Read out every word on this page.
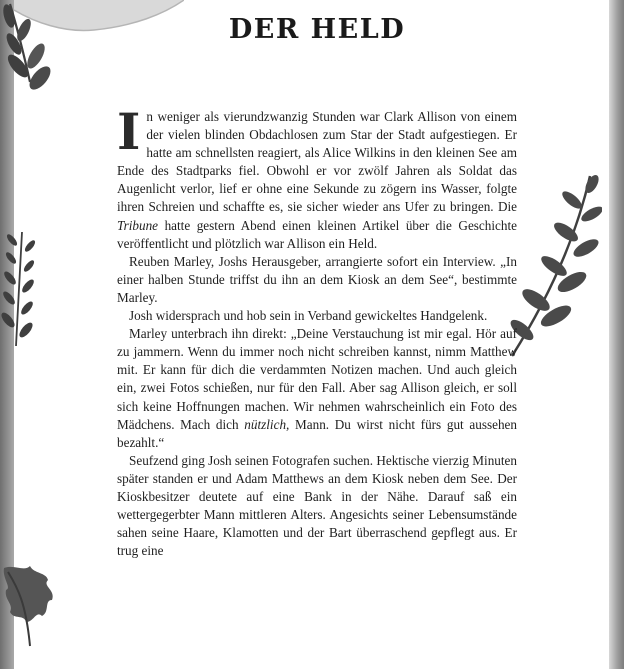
DER HELD

In weniger als vierundzwanzig Stunden war Clark Allison von einem der vielen blinden Obdachlosen zum Star der Stadt aufgestiegen. Er hatte am schnellsten reagiert, als Alice Wilkins in den kleinen See am Ende des Stadtparks fiel. Obwohl er vor zwölf Jahren als Soldat das Augenlicht verlor, lief er ohne eine Sekunde zu zögern ins Wasser, folgte ihren Schreien und schaffte es, sie sicher wieder ans Ufer zu bringen. Die Tribune hatte gestern Abend einen kleinen Artikel über die Geschichte veröffentlicht und plötzlich war Allison ein Held.

Reuben Marley, Joshs Herausgeber, arrangierte sofort ein Interview. „In einer halben Stunde triffst du ihn an dem Kiosk an dem See“, bestimmte Marley.

Josh widersprach und hob sein in Verband gewickeltes Handgelenk.

Marley unterbrach ihn direkt: „Deine Verstauchung ist mir egal. Hör auf zu jammern. Wenn du immer noch nicht schreiben kannst, nimm Matthew mit. Er kann für dich die verdammten Notizen machen. Und auch gleich ein, zwei Fotos schießen, nur für den Fall. Aber sag Allison gleich, er soll sich keine Hoffnungen machen. Wir nehmen wahrscheinlich ein Foto des Mädchens. Mach dich nützlich, Mann. Du wirst nicht fürs gut aussehen bezahlt.“

Seufzend ging Josh seinen Fotografen suchen. Hektische vierzig Minuten später standen er und Adam Matthews an dem Kiosk neben dem See. Der Kioskbesitzer deutete auf eine Bank in der Nähe. Darauf saß ein wettergegerbter Mann mittleren Alters. Angesichts seiner Lebensumstände sahen seine Haare, Klamotten und der Bart überraschend gepflegt aus. Er trug eine
